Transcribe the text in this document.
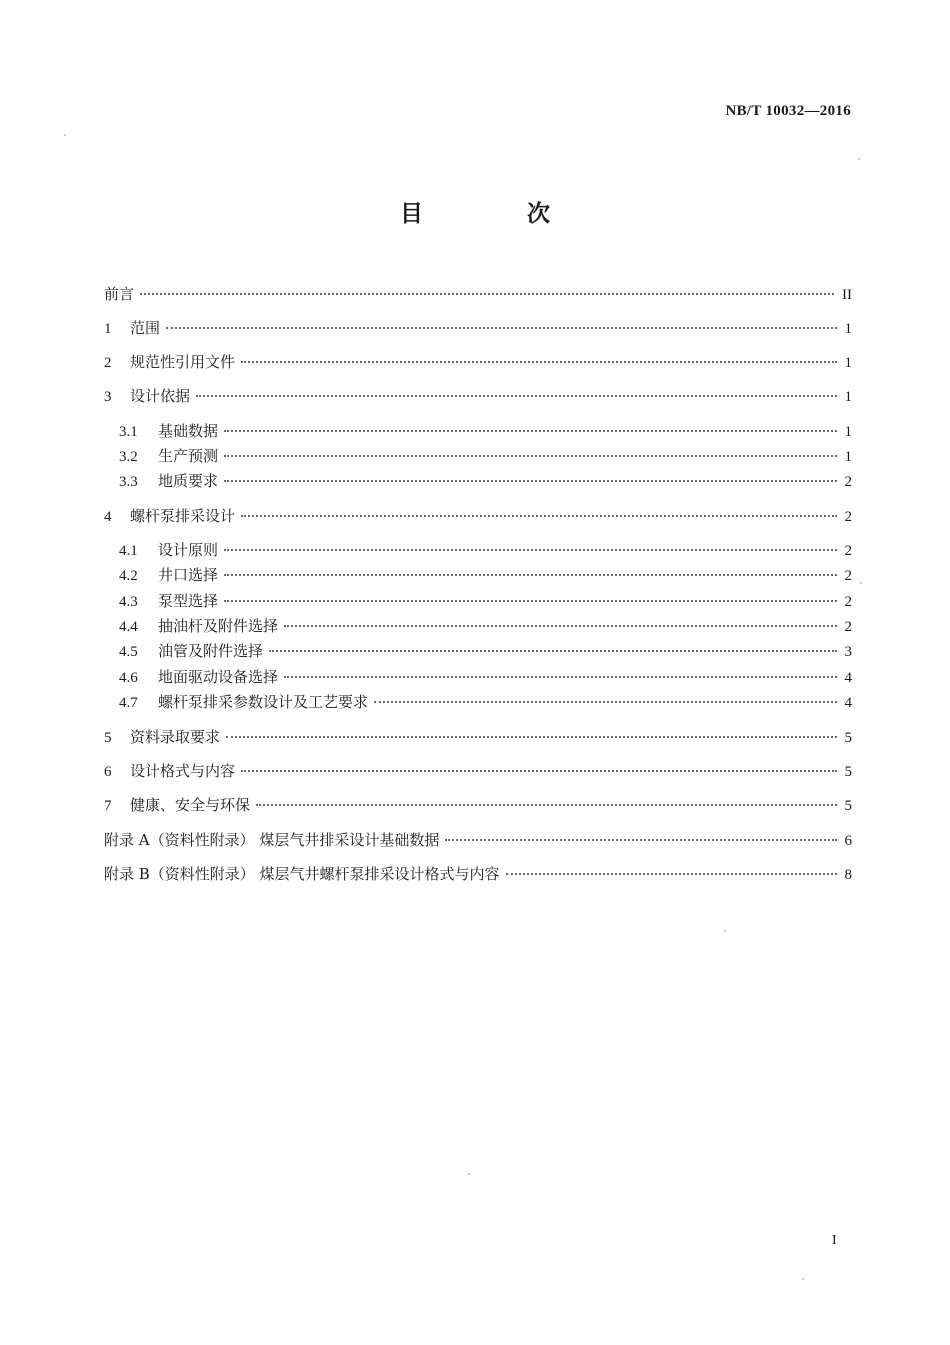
NB/T 10032—2016
目 次
前言	II
1	范围	1
2	规范性引用文件	1
3	设计依据	1
3.1	基础数据	1
3.2	生产预测	1
3.3	地质要求	2
4	螺杆泵排采设计	2
4.1	设计原则	2
4.2	井口选择	2
4.3	泵型选择	2
4.4	抽油杆及附件选择	2
4.5	油管及附件选择	3
4.6	地面驱动设备选择	4
4.7	螺杆泵排采参数设计及工艺要求	4
5	资料录取要求	5
6	设计格式与内容	5
7	健康、安全与环保	5
附录 A（资料性附录） 煤层气井排采设计基础数据	6
附录 B（资料性附录） 煤层气井螺杆泵排采设计格式与内容	8
I
